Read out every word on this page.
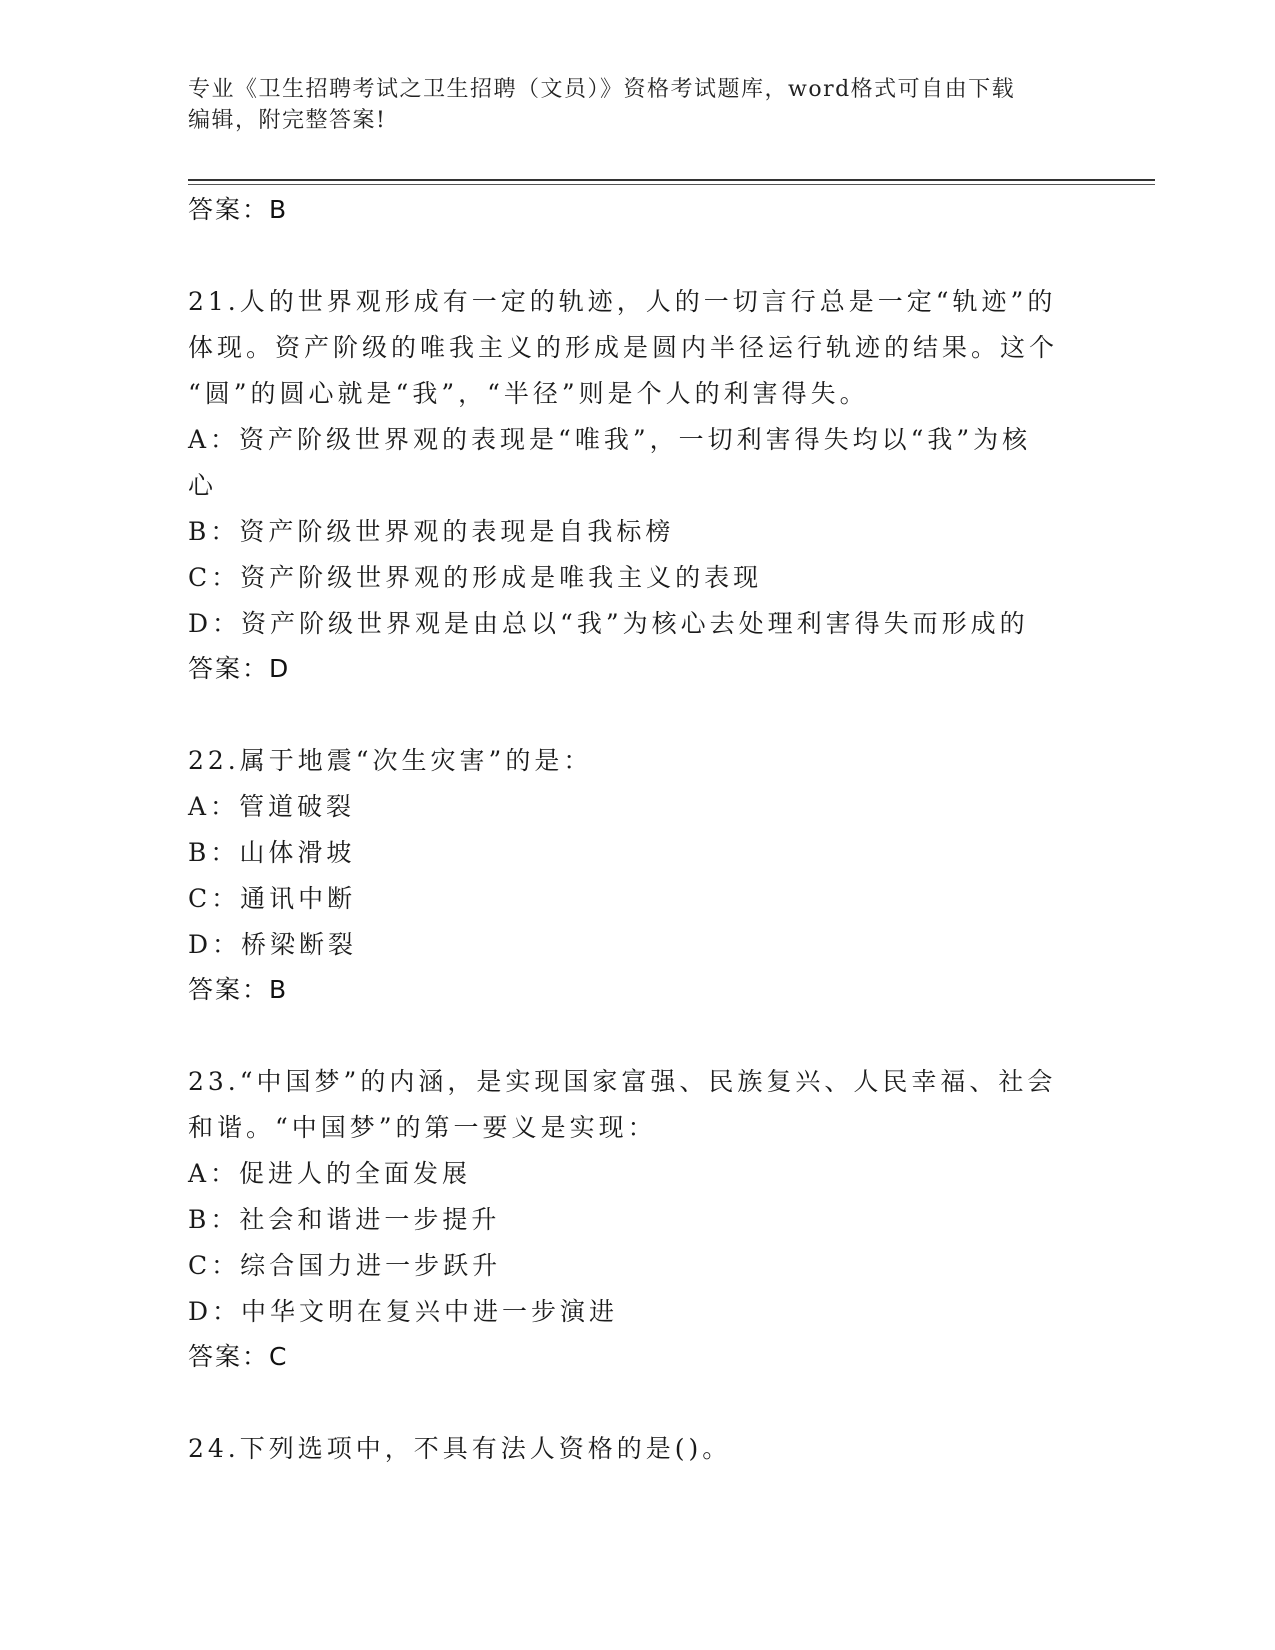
专业《卫生招聘考试之卫生招聘（文员）》资格考试题库，word格式可自由下载
编辑，附完整答案!
答案：B
21.人的世界观形成有一定的轨迹，人的一切言行总是一定“轨迹”的
体现。资产阶级的唯我主义的形成是圆内半径运行轨迹的结果。这个
“圆”的圆心就是“我”，“半径”则是个人的利害得失。
A：资产阶级世界观的表现是“唯我”，一切利害得失均以“我”为核
心
B：资产阶级世界观的表现是自我标榜
C：资产阶级世界观的形成是唯我主义的表现
D：资产阶级世界观是由总以“我”为核心去处理利害得失而形成的
答案：D
22.属于地震“次生灾害”的是：
A：管道破裂
B：山体滑坡
C：通讯中断
D：桥梁断裂
答案：B
23.“中国梦”的内涵，是实现国家富强、民族复兴、人民幸福、社会
和谐。“中国梦”的第一要义是实现：
A：促进人的全面发展
B：社会和谐进一步提升
C：综合国力进一步跃升
D：中华文明在复兴中进一步演进
答案：C
24.下列选项中，不具有法人资格的是()。
